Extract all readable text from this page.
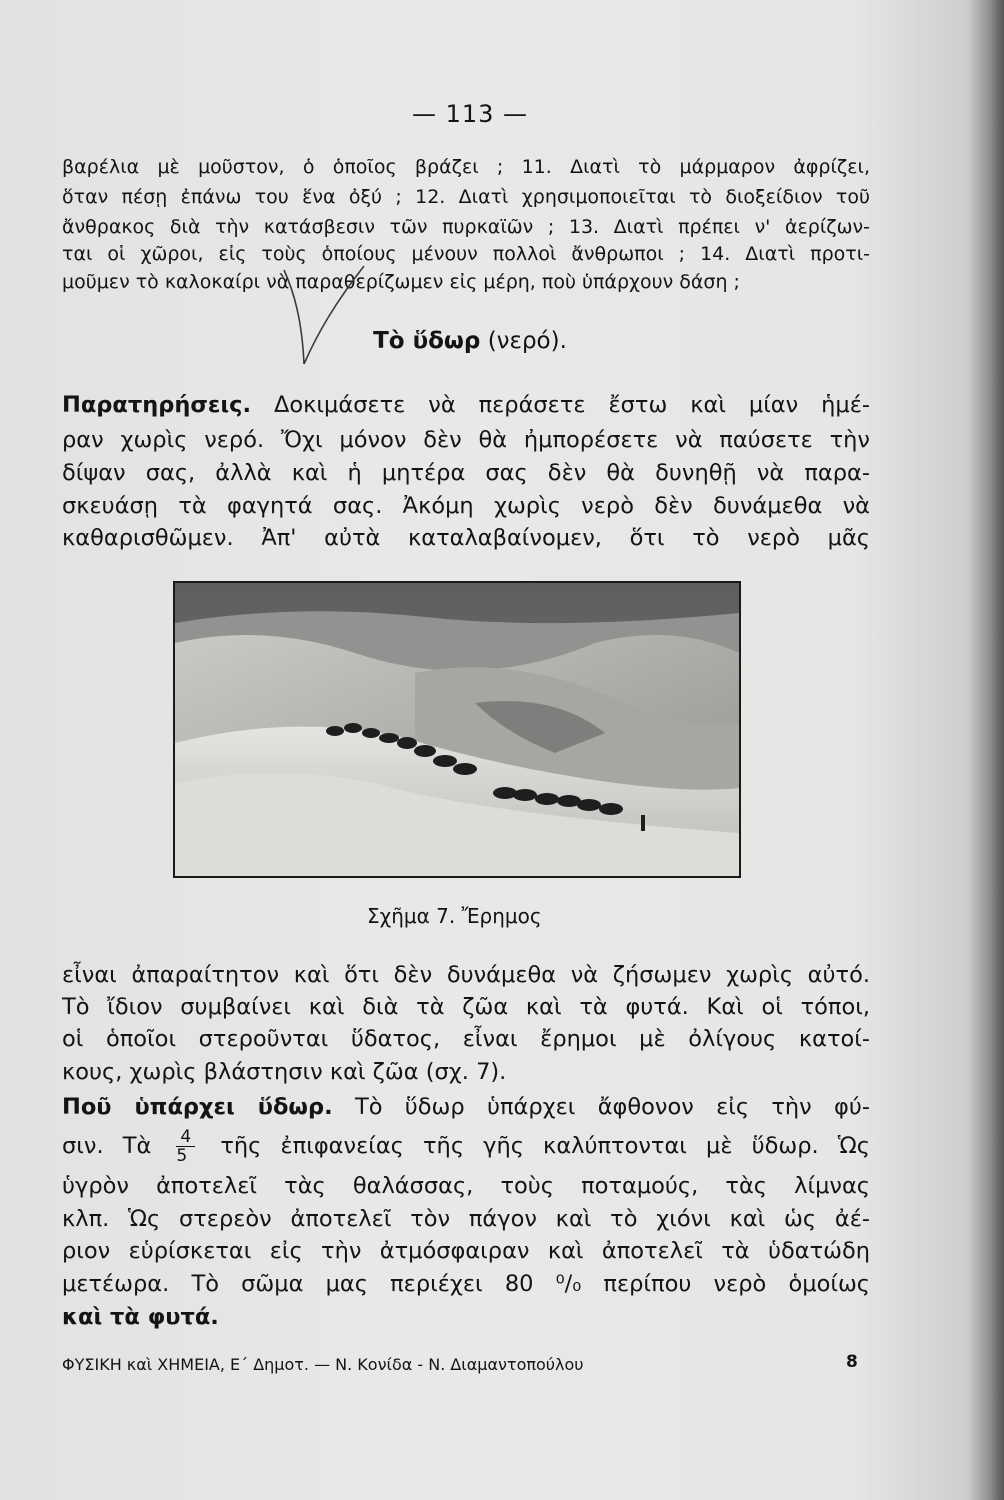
— 113 —
βαρέλια μὲ μοῦστον, ὁ ὁποῖος βράζει ; 11. Διατὶ τὸ μάρμαρον ἀφρίζει,
ὅταν πέσῃ ἐπάνω του ἕνα ὀξύ ; 12. Διατὶ χρησιμοποιεῖται τὸ διοξείδιον τοῦ
ἄνθρακος διὰ τὴν κατάσβεσιν τῶν πυρκαϊῶν ; 13. Διατὶ πρέπει ν' ἀερίζων-
ται οἱ χῶροι, εἰς τοὺς ὁποίους μένουν πολλοὶ ἄνθρωποι ; 14. Διατὶ προτι-
μοῦμεν τὸ καλοκαίρι νὰ παραθερίζωμεν εἰς μέρη, ποὺ ὑπάρχουν δάση ;
Τὸ ὕδωρ (νερό).
Παρατηρήσεις. Δοκιμάσετε νὰ περάσετε ἔστω καὶ μίαν ἡμέ-
ραν χωρὶς νερό. Ὄχι μόνον δὲν θὰ ἠμπορέσετε νὰ παύσετε τὴν
δίψαν σας, ἀλλὰ καὶ ἡ μητέρα σας δὲν θὰ δυνηθῇ νὰ παρα-
σκευάσῃ τὰ φαγητά σας. Ἀκόμη χωρὶς νερὸ δὲν δυνάμεθα νὰ
καθαρισθῶμεν. Ἀπ' αὐτὰ καταλαβαίνομεν, ὅτι τὸ νερὸ μᾶς
Σχῆμα 7. Ἔρημος
εἶναι ἀπαραίτητον καὶ ὅτι δὲν δυνάμεθα νὰ ζήσωμεν χωρὶς αὐτό.
Τὸ ἴδιον συμβαίνει καὶ διὰ τὰ ζῶα καὶ τὰ φυτά. Καὶ οἱ τόποι,
οἱ ὁποῖοι στεροῦνται ὕδατος, εἶναι ἔρημοι μὲ ὀλίγους κατοί-
κους, χωρὶς βλάστησιν καὶ ζῶα (σχ. 7).
Ποῦ ὑπάρχει ὕδωρ. Τὸ ὕδωρ ὑπάρχει ἄφθονον εἰς τὴν φύ-
σιν. Τὰ $\frac{4}{5}$ τῆς ἐπιφανείας τῆς γῆς καλύπτονται μὲ ὕδωρ. Ὡς
ὑγρὸν ἀποτελεῖ τὰς θαλάσσας, τοὺς ποταμούς, τὰς λίμνας
κλπ. Ὡς στερεὸν ἀποτελεῖ τὸν πάγον καὶ τὸ χιόνι καὶ ὡς ἀέ-
ριον εὑρίσκεται εἰς τὴν ἀτμόσφαιραν καὶ ἀποτελεῖ τὰ ὑδατώδη
μετέωρα. Τὸ σῶμα μας περιέχει 80 ⁰/₀ περίπου νερὸ ὁμοίως
καὶ τὰ φυτά.
ΦΥΣΙΚΗ καὶ ΧΗΜΕΙΑ, Ε΄ Δημοτ. — Ν. Κονίδα - Ν. Διαμαντοπούλου	8
